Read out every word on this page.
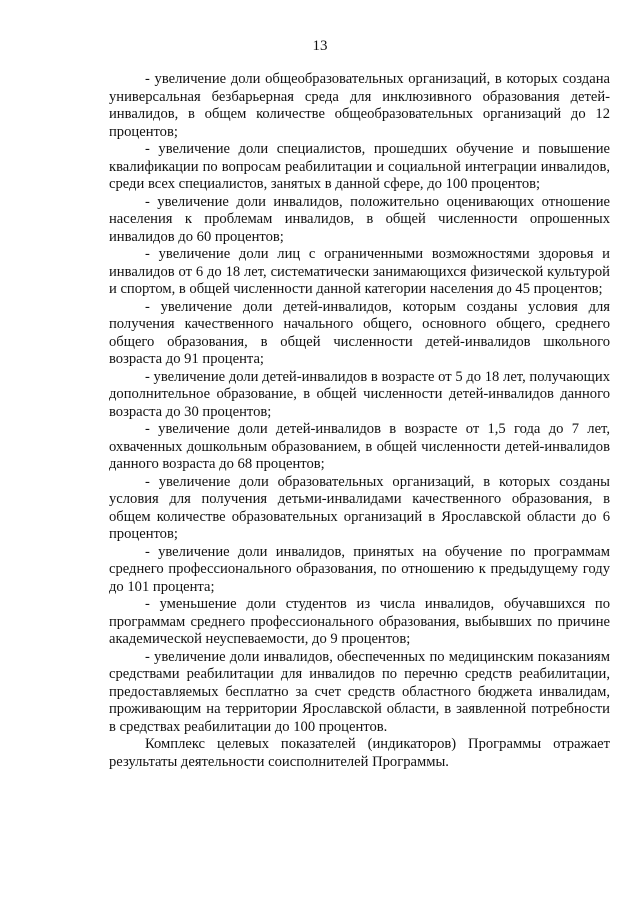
13

- увеличение доли общеобразовательных организаций, в которых создана универсальная безбарьерная среда для инклюзивного образования детей-инвалидов, в общем количестве общеобразовательных организаций до 12 процентов;

- увеличение доли специалистов, прошедших обучение и повышение квалификации по вопросам реабилитации и социальной интеграции инвалидов, среди всех специалистов, занятых в данной сфере, до 100 процентов;

- увеличение доли инвалидов, положительно оценивающих отношение населения к проблемам инвалидов, в общей численности опрошенных инвалидов до 60 процентов;

- увеличение доли лиц с ограниченными возможностями здоровья и инвалидов от 6 до 18 лет, систематически занимающихся физической культурой и спортом, в общей численности данной категории населения до 45 процентов;

- увеличение доли детей-инвалидов, которым созданы условия для получения качественного начального общего, основного общего, среднего общего образования, в общей численности детей-инвалидов школьного возраста до 91 процента;

- увеличение доли детей-инвалидов в возрасте от 5 до 18 лет, получающих дополнительное образование, в общей численности детей-инвалидов данного возраста до 30 процентов;

- увеличение доли детей-инвалидов в возрасте от 1,5 года до 7 лет, охваченных дошкольным образованием, в общей численности детей-инвалидов данного возраста до 68 процентов;

- увеличение доли образовательных организаций, в которых созданы условия для получения детьми-инвалидами качественного образования, в общем количестве образовательных организаций в Ярославской области до 6 процентов;

- увеличение доли инвалидов, принятых на обучение по программам среднего профессионального образования, по отношению к предыдущему году до 101 процента;

- уменьшение доли студентов из числа инвалидов, обучавшихся по программам среднего профессионального образования, выбывших по причине академической неуспеваемости, до 9 процентов;

- увеличение доли инвалидов, обеспеченных по медицинским показаниям средствами реабилитации для инвалидов по перечню средств реабилитации, предоставляемых бесплатно за счет средств областного бюджета инвалидам, проживающим на территории Ярославской области, в заявленной потребности в средствах реабилитации до 100 процентов.

Комплекс целевых показателей (индикаторов) Программы отражает результаты деятельности соисполнителей Программы.
